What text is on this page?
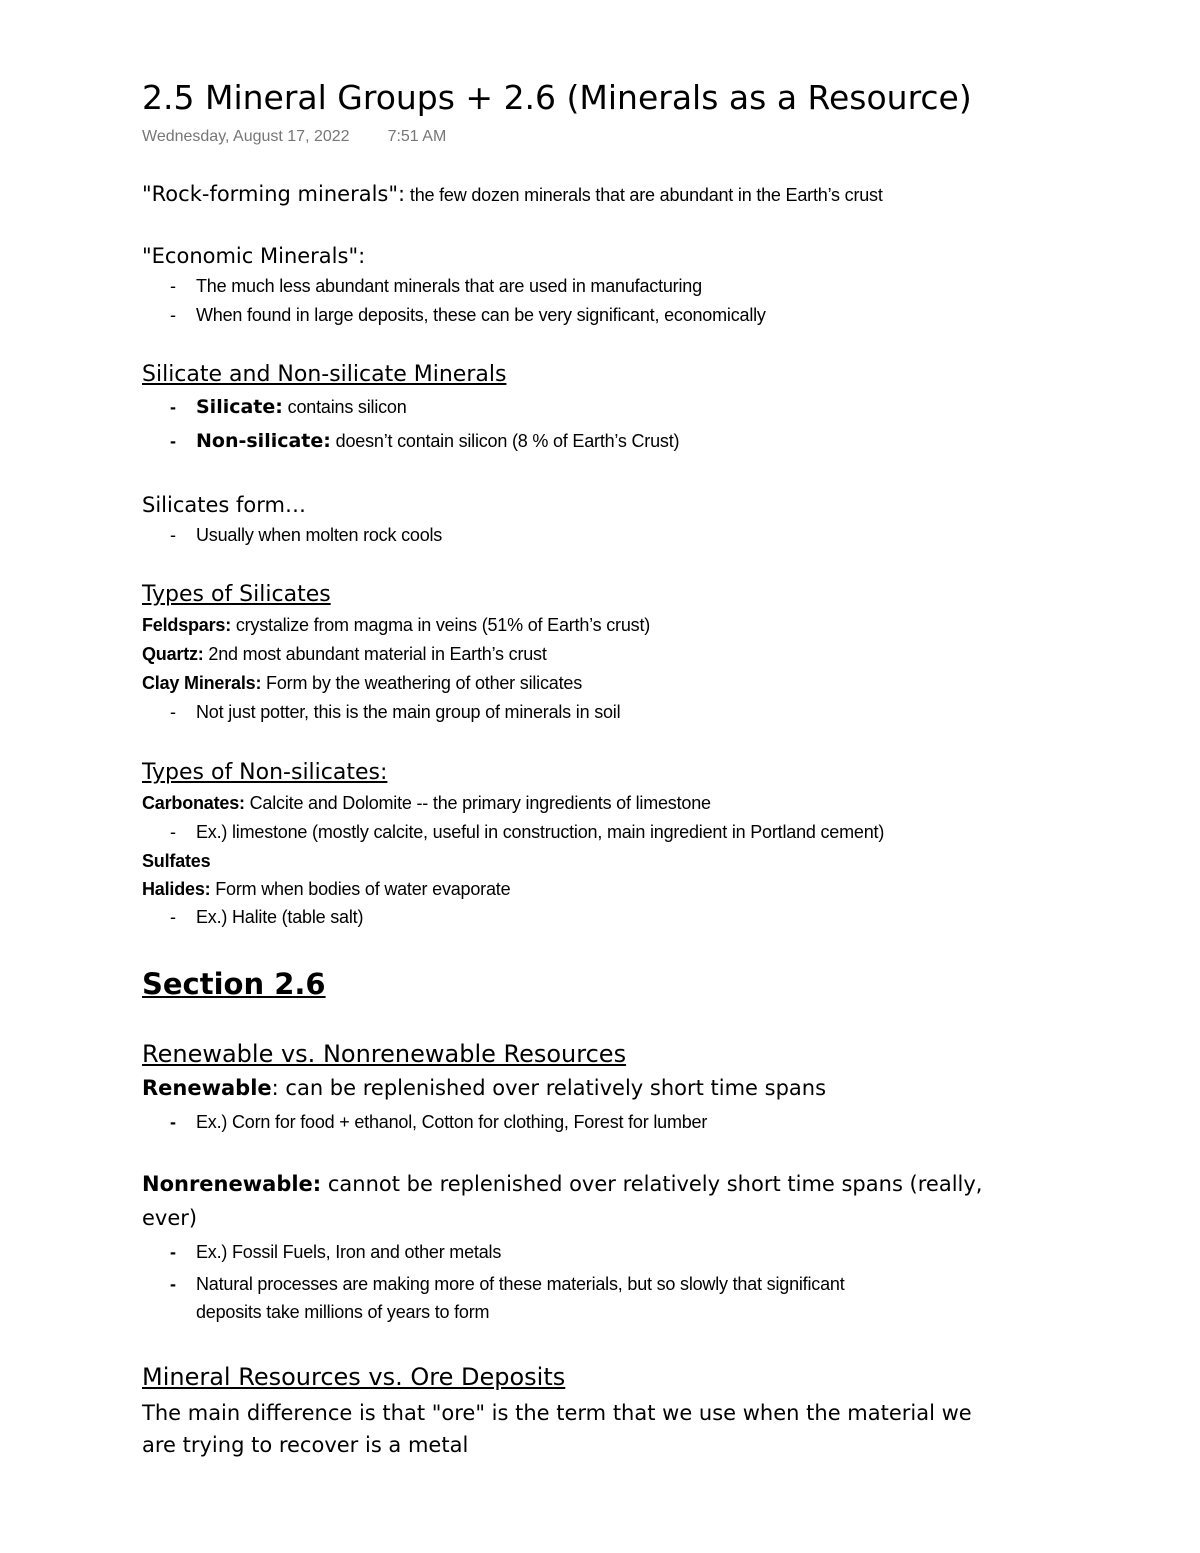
2.5 Mineral Groups + 2.6 (Minerals as a Resource)
Wednesday, August 17, 2022 7:51 AM
"Rock-forming minerals": the few dozen minerals that are abundant in the Earth’s crust
"Economic Minerals":
- The much less abundant minerals that are used in manufacturing
- When found in large deposits, these can be very significant, economically
Silicate and Non-silicate Minerals
- Silicate: contains silicon
- Non-silicate: doesn’t contain silicon (8 % of Earth’s Crust)
Silicates form…
- Usually when molten rock cools
Types of Silicates
Feldspars: crystalize from magma in veins (51% of Earth’s crust)
Quartz: 2nd most abundant material in Earth’s crust
Clay Minerals: Form by the weathering of other silicates
- Not just potter, this is the main group of minerals in soil
Types of Non-silicates:
Carbonates: Calcite and Dolomite -- the primary ingredients of limestone
- Ex.) limestone (mostly calcite, useful in construction, main ingredient in Portland cement)
Sulfates
Halides: Form when bodies of water evaporate
- Ex.) Halite (table salt)
Section 2.6
Renewable vs. Nonrenewable Resources
Renewable: can be replenished over relatively short time spans
- Ex.) Corn for food + ethanol, Cotton for clothing, Forest for lumber
Nonrenewable: cannot be replenished over relatively short time spans (really,
ever)
- Ex.) Fossil Fuels, Iron and other metals
- Natural processes are making more of these materials, but so slowly that significant
deposits take millions of years to form
Mineral Resources vs. Ore Deposits
The main difference is that "ore" is the term that we use when the material we
are trying to recover is a metal
